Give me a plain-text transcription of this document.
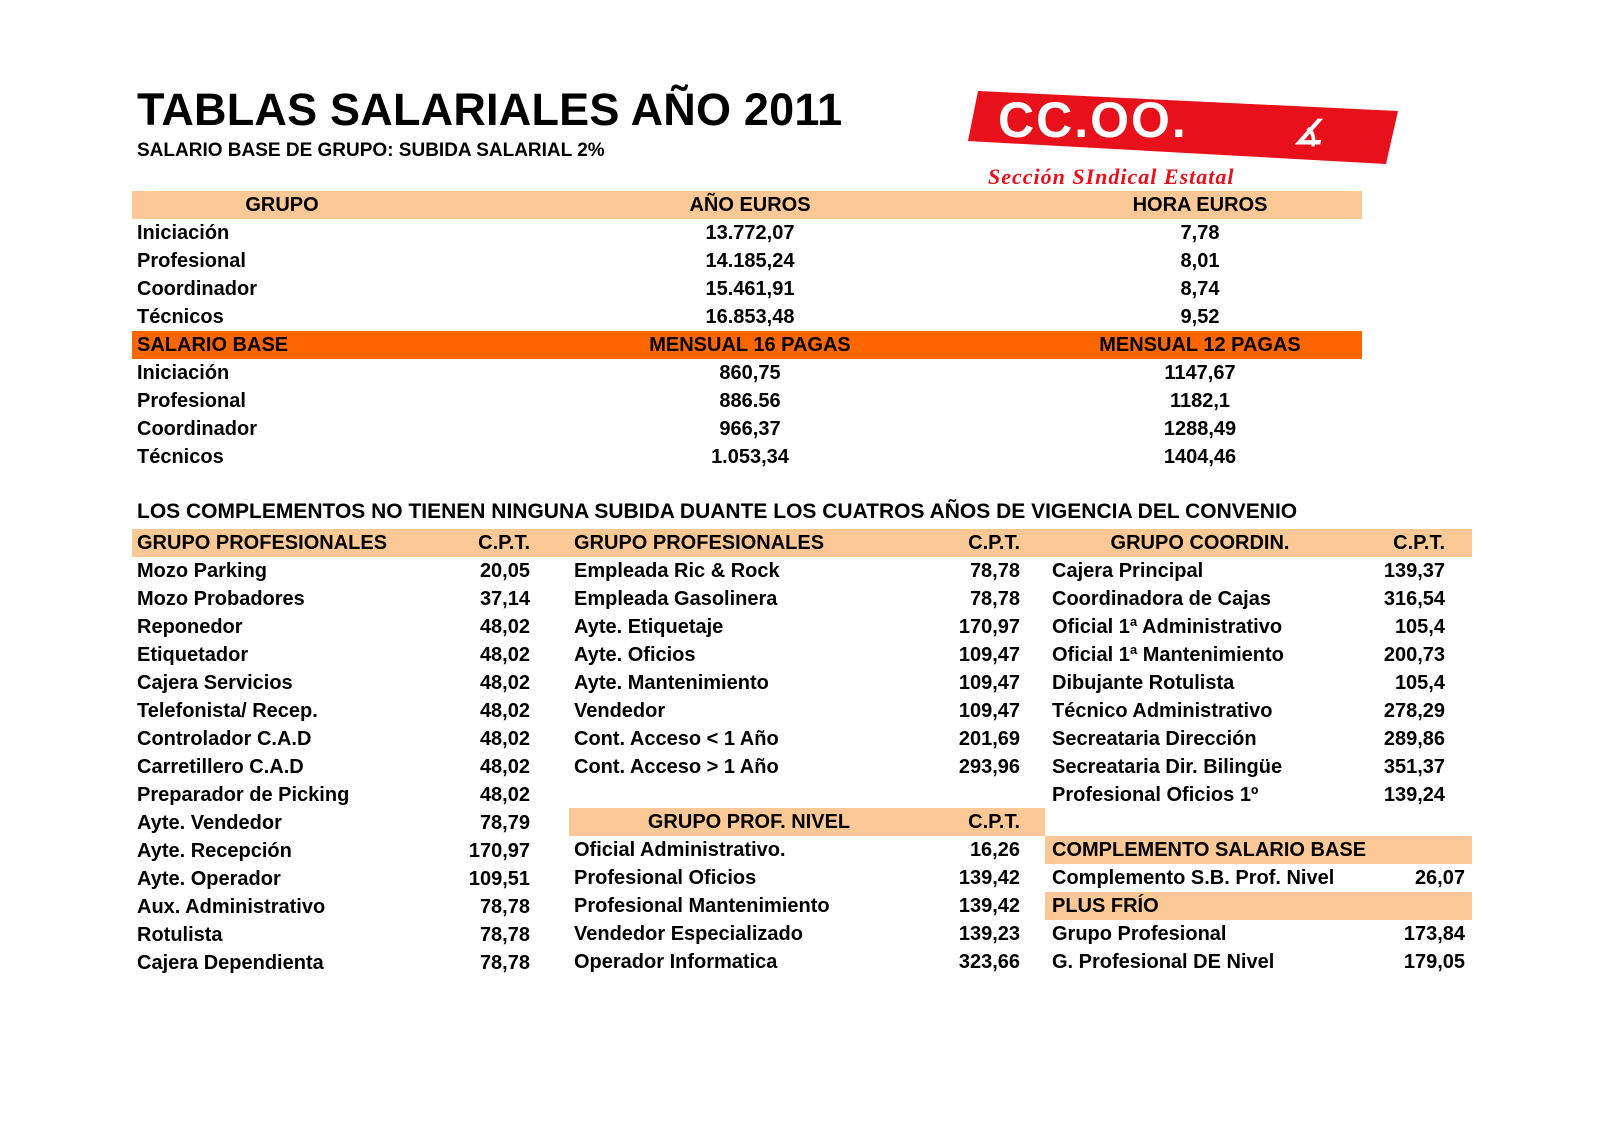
TABLAS SALARIALES AÑO 2011
SALARIO BASE DE GRUPO: SUBIDA SALARIAL 2%
CC.OO.	∡
Sección SIndical Estatal
GRUPO	AÑO EUROS	HORA EUROS
Iniciación	13.772,07	7,78
Profesional	14.185,24	8,01
Coordinador	15.461,91	8,74
Técnicos	16.853,48	9,52
SALARIO BASE	MENSUAL 16 PAGAS	MENSUAL 12 PAGAS
Iniciación	860,75	1147,67
Profesional	886.56	1182,1
Coordinador	966,37	1288,49
Técnicos	1.053,34	1404,46
LOS COMPLEMENTOS NO TIENEN NINGUNA SUBIDA DUANTE LOS CUATROS AÑOS DE VIGENCIA DEL CONVENIO
GRUPO PROFESIONALES	C.P.T.
Mozo Parking	20,05
Mozo Probadores	37,14
Reponedor	48,02
Etiquetador	48,02
Cajera Servicios	48,02
Telefonista/ Recep.	48,02
Controlador C.A.D	48,02
Carretillero C.A.D	48,02
Preparador de Picking	48,02
Ayte. Vendedor	78,79
Ayte. Recepción	170,97
Ayte. Operador	109,51
Aux. Administrativo	78,78
Rotulista	78,78
Cajera Dependienta	78,78
GRUPO PROFESIONALES	C.P.T.
Empleada Ric & Rock	78,78
Empleada Gasolinera	78,78
Ayte. Etiquetaje	170,97
Ayte. Oficios	109,47
Ayte. Mantenimiento	109,47
Vendedor	109,47
Cont. Acceso < 1 Año	201,69
Cont. Acceso > 1 Año	293,96
GRUPO PROF. NIVEL	C.P.T.
Oficial Administrativo.	16,26
Profesional Oficios	139,42
Profesional Mantenimiento	139,42
Vendedor Especializado	139,23
Operador Informatica	323,66
GRUPO COORDIN.	C.P.T.
Cajera Principal	139,37
Coordinadora de Cajas	316,54
Oficial 1ª Administrativo	105,4
Oficial 1ª Mantenimiento	200,73
Dibujante Rotulista	105,4
Técnico Administrativo	278,29
Secreataria Dirección	289,86
Secreataria Dir. Bilingüe	351,37
Profesional Oficios 1º	139,24
COMPLEMENTO SALARIO BASE
Complemento S.B. Prof. Nivel	26,07
PLUS FRÍO
Grupo Profesional	173,84
G. Profesional DE Nivel	179,05
